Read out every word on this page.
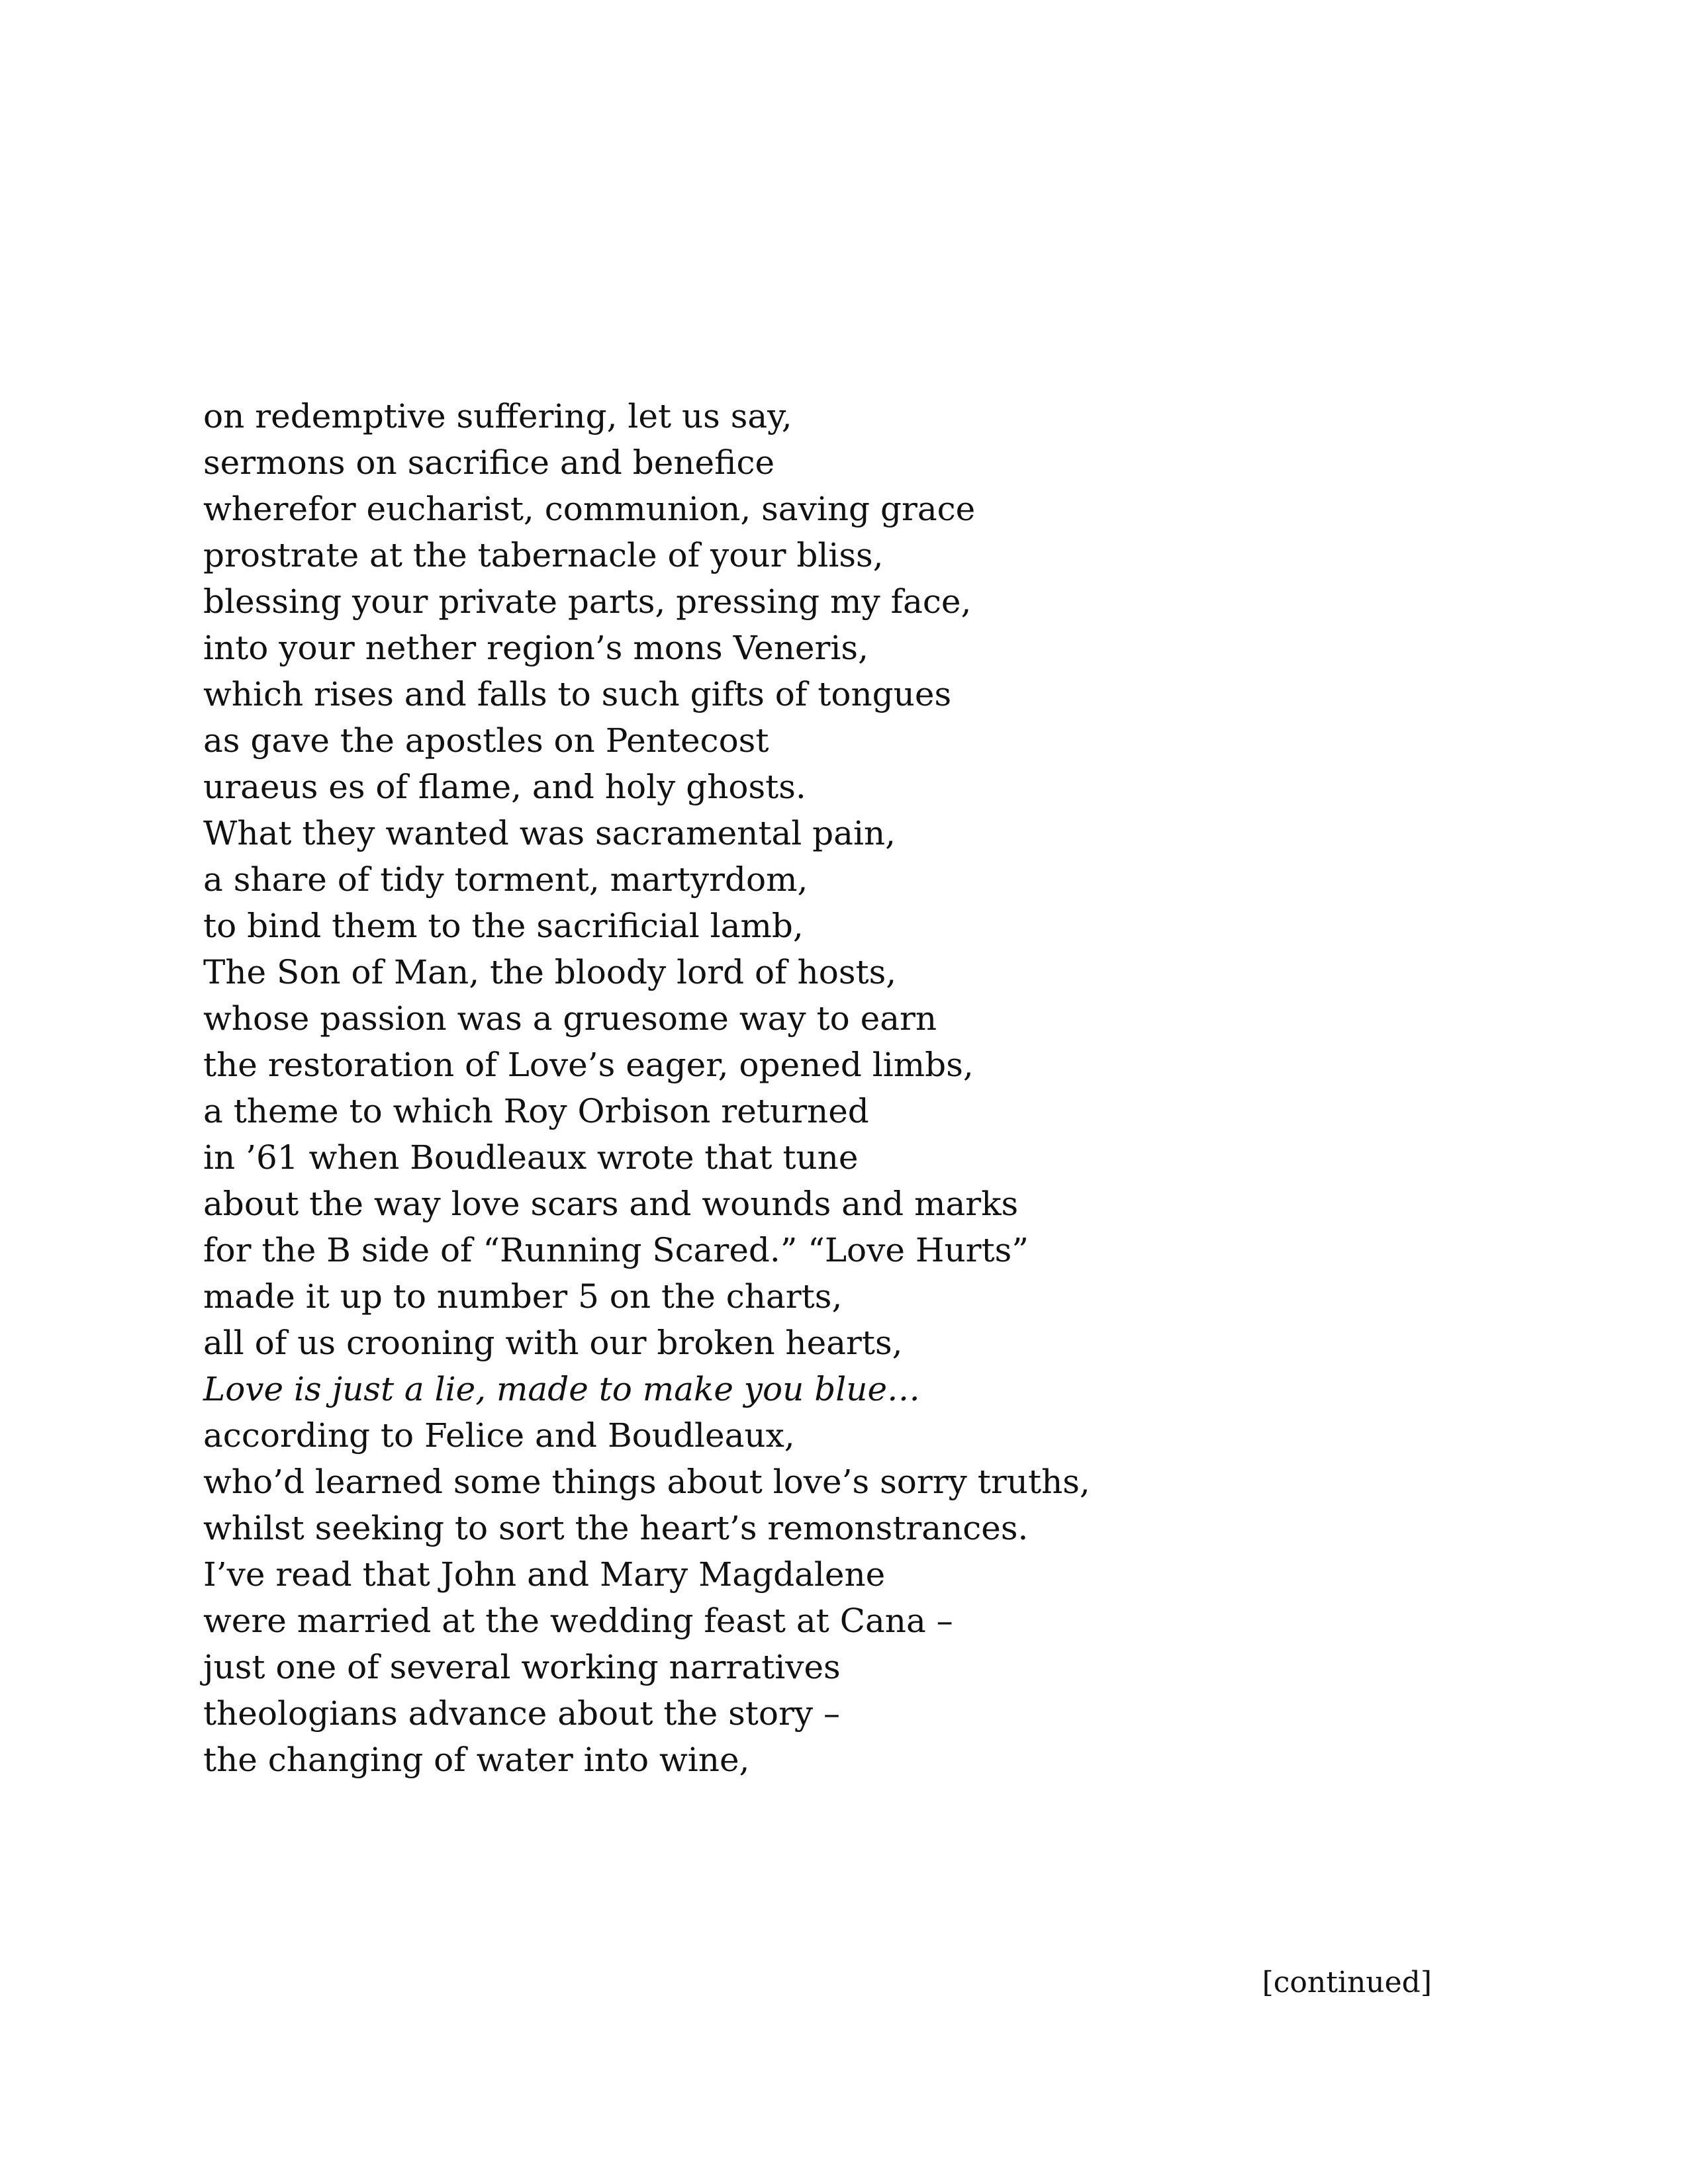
on redemptive suffering, let us say,
sermons on sacrifice and benefice
wherefor eucharist, communion, saving grace
prostrate at the tabernacle of your bliss,
blessing your private parts, pressing my face,
into your nether region’s mons Veneris,
which rises and falls to such gifts of tongues
as gave the apostles on Pentecost
uraeus es of flame, and holy ghosts.
What they wanted was sacramental pain,
a share of tidy torment, martyrdom,
to bind them to the sacrificial lamb,
The Son of Man, the bloody lord of hosts,
whose passion was a gruesome way to earn
the restoration of Love’s eager, opened limbs,
a theme to which Roy Orbison returned
in ’61 when Boudleaux wrote that tune
about the way love scars and wounds and marks
for the B side of “Running Scared.” “Love Hurts”
made it up to number 5 on the charts,
all of us crooning with our broken hearts,
Love is just a lie, made to make you blue…
according to Felice and Boudleaux,
who’d learned some things about love’s sorry truths,
whilst seeking to sort the heart’s remonstrances.
I’ve read that John and Mary Magdalene
were married at the wedding feast at Cana –
just one of several working narratives
theologians advance about the story –
the changing of water into wine,
[continued]
